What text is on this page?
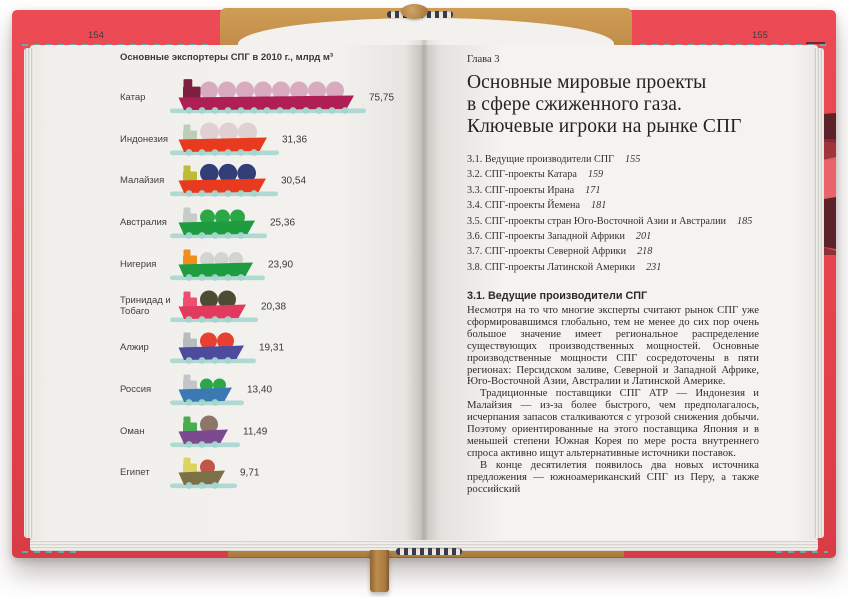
154
Основные экспортеры СПГ в 2010 г., млрд м³
Катар	75,75
Индонезия	31,36
Малайзия	30,54
Австралия	25,36
Нигерия	23,90
Тринидад и Тобаго	20,38
Алжир	19,31
Россия	13,40
Оман	11,49
Египет	9,71
155
Глава 3
Основные мировые проекты
в сфере сжиженного газа.
Ключевые игроки на рынке СПГ
3.1. Ведущие производители СПГ 155
3.2. СПГ-проекты Катара 159
3.3. СПГ-проекты Ирана 171
3.4. СПГ-проекты Йемена 181
3.5. СПГ-проекты стран Юго-Восточной Азии и Австралии 185
3.6. СПГ-проекты Западной Африки 201
3.7. СПГ-проекты Северной Африки 218
3.8. СПГ-проекты Латинской Америки 231
3.1. Ведущие производители СПГ

Несмотря на то что многие эксперты считают рынок СПГ уже сформировавшимся глобально, тем не менее до сих пор очень большое значение имеет региональное распределение существующих производственных мощностей. Основные производственные мощности СПГ сосредоточены в пяти регионах: Персидском заливе, Северной и Западной Африке, Юго-Восточной Азии, Австралии и Латинской Америке.

Традиционные поставщики СПГ АТР — Индонезия и Малайзия — из-за более быстрого, чем предполагалось, исчерпания запасов сталкиваются с угрозой снижения добычи. Поэтому ориентированные на этого поставщика Япония и в меньшей степени Южная Корея по мере роста внутреннего спроса активно ищут альтернативные источники поставок.

В конце десятилетия появилось два новых источника предложения — южноамериканский СПГ из Перу, а также российский
